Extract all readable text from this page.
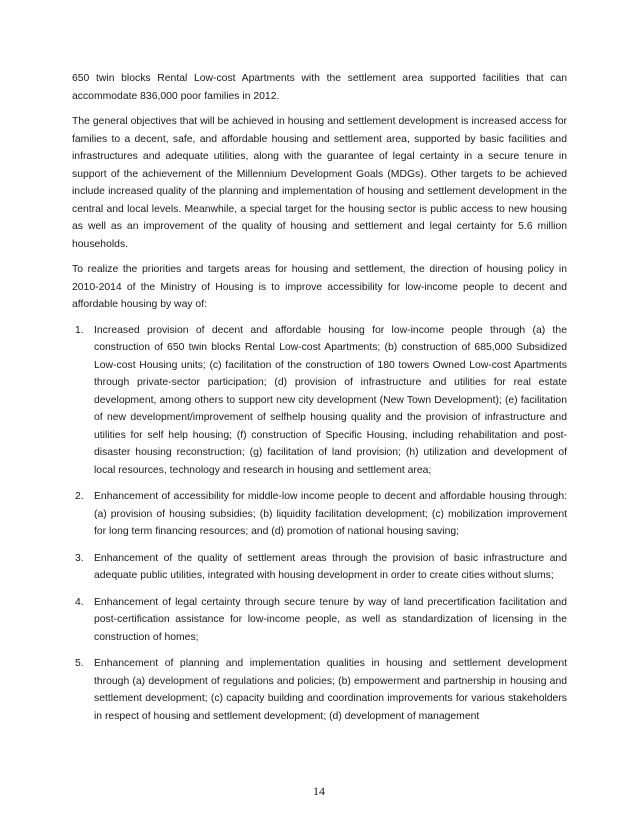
650 twin blocks Rental Low-cost Apartments with the settlement area supported facilities that can accommodate 836,000 poor families in 2012.

The general objectives that will be achieved in housing and settlement development is increased access for families to a decent, safe, and affordable housing and settlement area, supported by basic facilities and infrastructures and adequate utilities, along with the guarantee of legal certainty in a secure tenure in support of the achievement of the Millennium Development Goals (MDGs). Other targets to be achieved include increased quality of the planning and implementation of housing and settlement development in the central and local levels. Meanwhile, a special target for the housing sector is public access to new housing as well as an improvement of the quality of housing and settlement and legal certainty for 5.6 million households.

To realize the priorities and targets areas for housing and settlement, the direction of housing policy in 2010-2014 of the Ministry of Housing is to improve accessibility for low-income people to decent and affordable housing by way of:

1. Increased provision of decent and affordable housing for low-income people through (a) the construction of 650 twin blocks Rental Low-cost Apartments; (b) construction of 685,000 Subsidized Low-cost Housing units; (c) facilitation of the construction of 180 towers Owned Low-cost Apartments through private-sector participation; (d) provision of infrastructure and utilities for real estate development, among others to support new city development (New Town Development); (e) facilitation of new development/improvement of selfhelp housing quality and the provision of infrastructure and utilities for self help housing; (f) construction of Specific Housing, including rehabilitation and post-disaster housing reconstruction; (g) facilitation of land provision; (h) utilization and development of local resources, technology and research in housing and settlement area;
2. Enhancement of accessibility for middle-low income people to decent and affordable housing through: (a) provision of housing subsidies; (b) liquidity facilitation development; (c) mobilization improvement for long term financing resources; and (d) promotion of national housing saving;
3. Enhancement of the quality of settlement areas through the provision of basic infrastructure and adequate public utilities, integrated with housing development in order to create cities without slums;
4. Enhancement of legal certainty through secure tenure by way of land precertification facilitation and post-certification assistance for low-income people, as well as standardization of licensing in the construction of homes;
5. Enhancement of planning and implementation qualities in housing and settlement development through (a) development of regulations and policies; (b) empowerment and partnership in housing and settlement development; (c) capacity building and coordination improvements for various stakeholders in respect of housing and settlement development; (d) development of management
14
